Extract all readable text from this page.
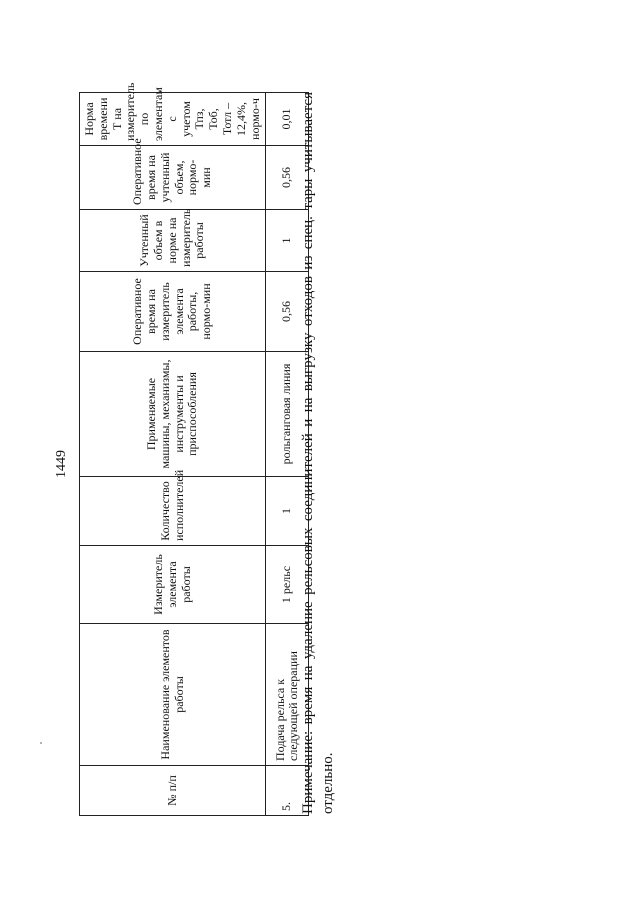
1449
№ п/п	Наименование элементов работы	Измеритель элемента работы	Количество исполнителей	Применяемые машины, механизмы, инструменты и приспособления	Оперативное время на измеритель элемента работы, нормо-мин	Учтенный объем в норме на измеритель работы	Оперативное время на учтенный объем, нормо-мин	Норма времени Т на измеритель по элементам с учетом Тпз, Тоб, Тотл – 12,4%, нормо-ч
5.	Подача рельса к следующей операции	1 рельс	1	рольганговая линия	0,56	1	0,56	0,01 Примечание: время на удаление рельсовых соединителей и на выгрузку отходов из спец. тары учитывается отдельно.
